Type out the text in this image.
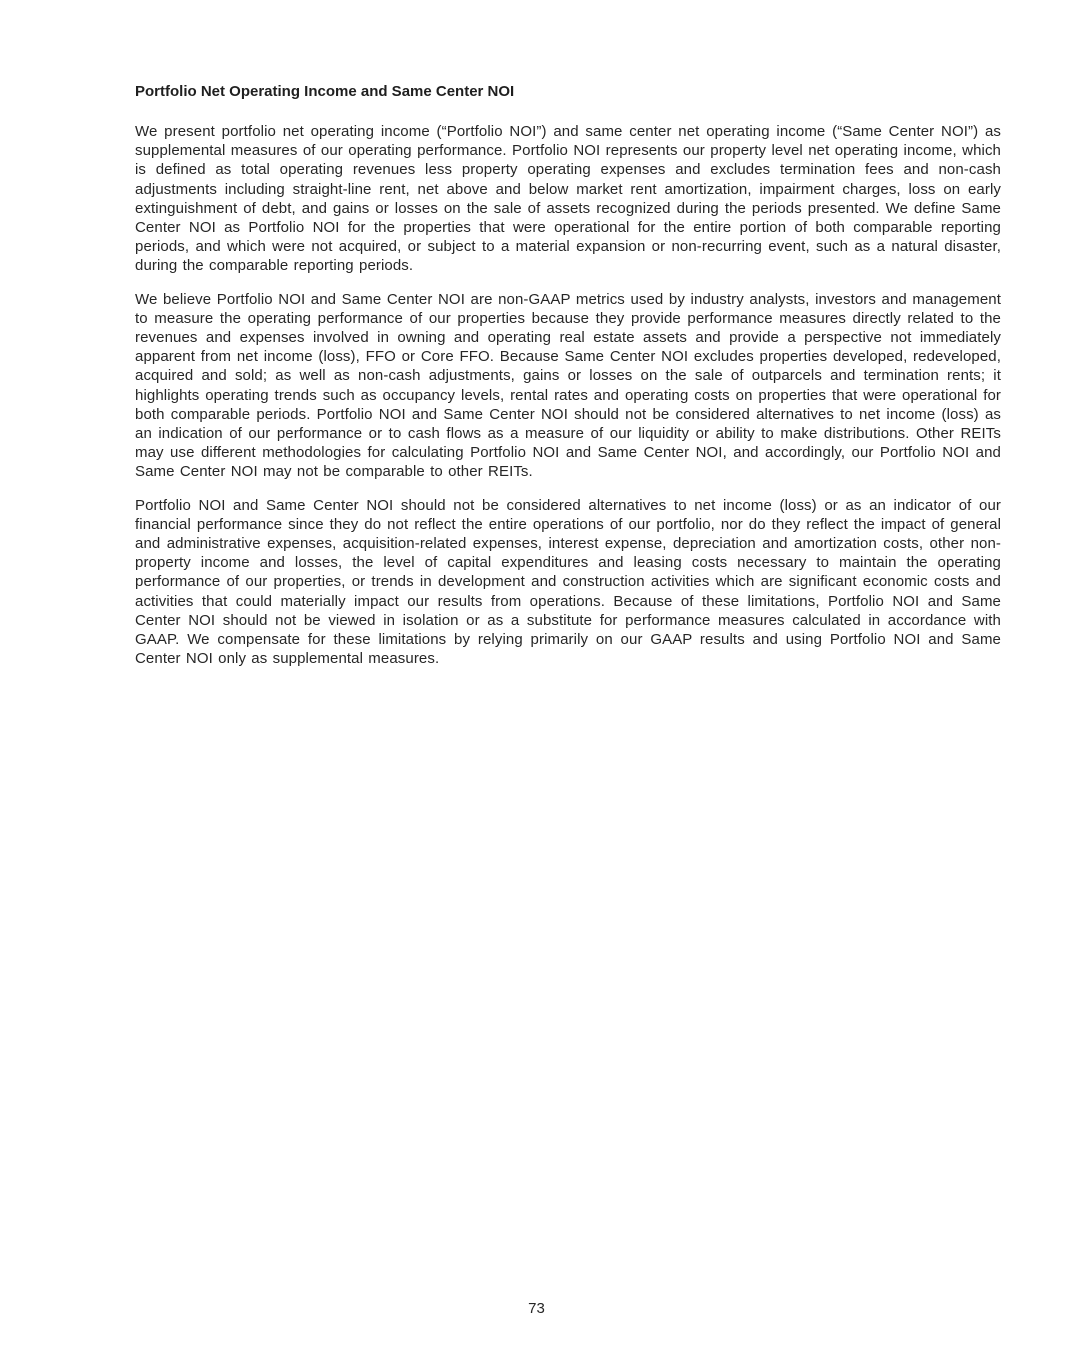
Portfolio Net Operating Income and Same Center NOI

We present portfolio net operating income (“Portfolio NOI”) and same center net operating income (“Same Center NOI”) as supplemental measures of our operating performance. Portfolio NOI represents our property level net operating income, which is defined as total operating revenues less property operating expenses and excludes termination fees and non-cash adjustments including straight-line rent, net above and below market rent amortization, impairment charges, loss on early extinguishment of debt, and gains or losses on the sale of assets recognized during the periods presented. We define Same Center NOI as Portfolio NOI for the properties that were operational for the entire portion of both comparable reporting periods, and which were not acquired, or subject to a material expansion or non-recurring event, such as a natural disaster, during the comparable reporting periods.

We believe Portfolio NOI and Same Center NOI are non-GAAP metrics used by industry analysts, investors and management to measure the operating performance of our properties because they provide performance measures directly related to the revenues and expenses involved in owning and operating real estate assets and provide a perspective not immediately apparent from net income (loss), FFO or Core FFO. Because Same Center NOI excludes properties developed, redeveloped, acquired and sold; as well as non-cash adjustments, gains or losses on the sale of outparcels and termination rents; it highlights operating trends such as occupancy levels, rental rates and operating costs on properties that were operational for both comparable periods. Portfolio NOI and Same Center NOI should not be considered alternatives to net income (loss) as an indication of our performance or to cash flows as a measure of our liquidity or ability to make distributions. Other REITs may use different methodologies for calculating Portfolio NOI and Same Center NOI, and accordingly, our Portfolio NOI and Same Center NOI may not be comparable to other REITs.

Portfolio NOI and Same Center NOI should not be considered alternatives to net income (loss) or as an indicator of our financial performance since they do not reflect the entire operations of our portfolio, nor do they reflect the impact of general and administrative expenses, acquisition-related expenses, interest expense, depreciation and amortization costs, other non-property income and losses, the level of capital expenditures and leasing costs necessary to maintain the operating performance of our properties, or trends in development and construction activities which are significant economic costs and activities that could materially impact our results from operations. Because of these limitations, Portfolio NOI and Same Center NOI should not be viewed in isolation or as a substitute for performance measures calculated in accordance with GAAP. We compensate for these limitations by relying primarily on our GAAP results and using Portfolio NOI and Same Center NOI only as supplemental measures.

73
